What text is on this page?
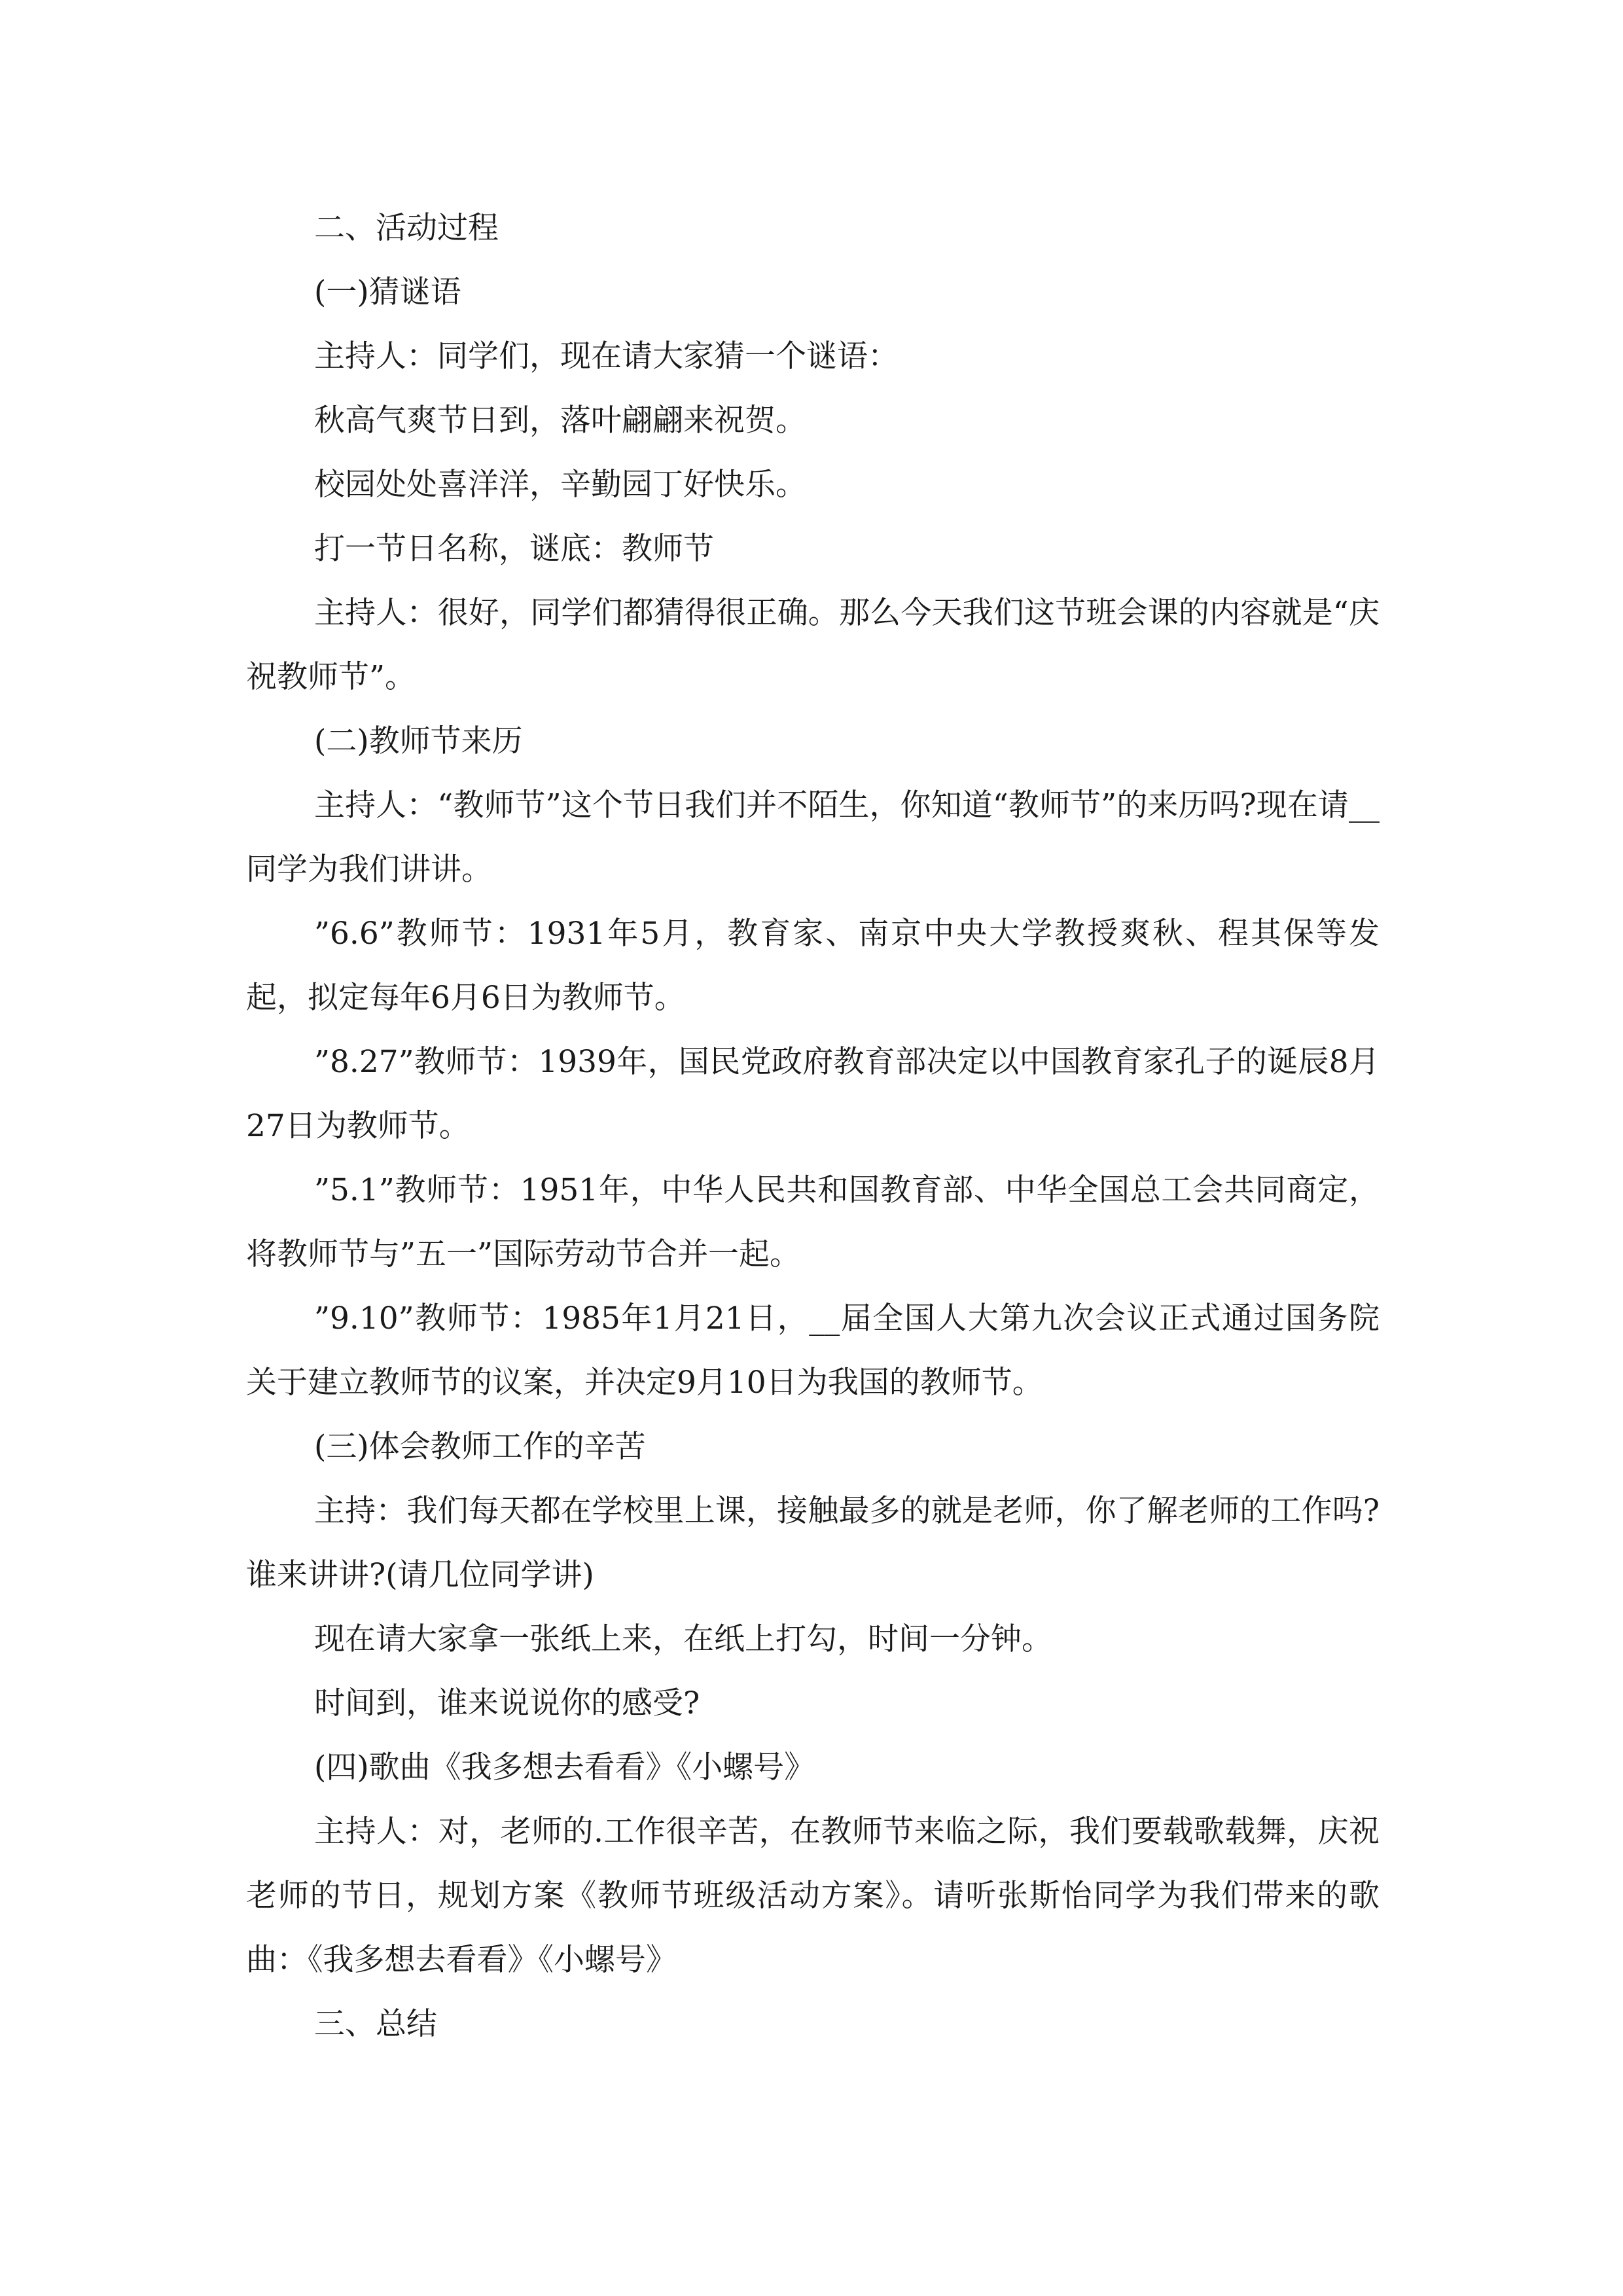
二、活动过程

(一)猜谜语

主持人：同学们，现在请大家猜一个谜语：

秋高气爽节日到，落叶翩翩来祝贺。

校园处处喜洋洋，辛勤园丁好快乐。

打一节日名称，谜底：教师节

主持人：很好，同学们都猜得很正确。那么今天我们这节班会课的内容就是“庆祝教师节”。

(二)教师节来历

主持人：“教师节”这个节日我们并不陌生，你知道“教师节”的来历吗?现在请__同学为我们讲讲。

”6.6”教师节：1931年5月，教育家、南京中央大学教授爽秋、程其保等发起，拟定每年6月6日为教师节。

”8.27”教师节：1939年，国民党政府教育部决定以中国教育家孔子的诞辰8月27日为教师节。

”5.1”教师节：1951年，中华人民共和国教育部、中华全国总工会共同商定，将教师节与”五一”国际劳动节合并一起。

”9.10”教师节：1985年1月21日，__届全国人大第九次会议正式通过国务院关于建立教师节的议案，并决定9月10日为我国的教师节。

(三)体会教师工作的辛苦

主持：我们每天都在学校里上课，接触最多的就是老师，你了解老师的工作吗?谁来讲讲?(请几位同学讲)

现在请大家拿一张纸上来，在纸上打勾，时间一分钟。

时间到，谁来说说你的感受?

(四)歌曲《我多想去看看》《小螺号》

主持人：对，老师的.工作很辛苦，在教师节来临之际，我们要载歌载舞，庆祝老师的节日，规划方案《教师节班级活动方案》。请听张斯怡同学为我们带来的歌曲：《我多想去看看》《小螺号》

三、总结
